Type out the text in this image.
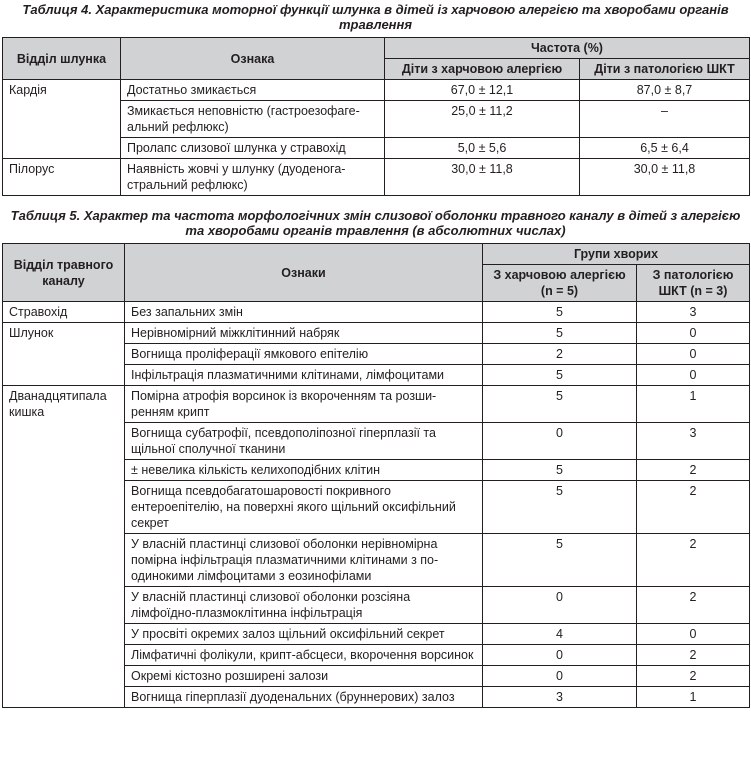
Таблиця 4. Характеристика моторної функції шлунка в дітей із харчовою алергією та хворобами органів травлення
Відділ шлунка	Ознака	Частота (%)	
		Діти з харчовою алергією	Діти з патологією ШКТ
Кардія	Достатньо змикається	67,0 ± 12,1	87,0 ± 8,7
	Змикається неповністю (гастроезофаге-альний рефлюкс)	25,0 ± 11,2	–
	Пролапс слизової шлунка у стравохід	5,0 ± 5,6	6,5 ± 6,4
Пілорус	Наявність жовчі у шлунку (дуоденога-стральний рефлюкс)	30,0 ± 11,8	30,0 ± 11,8
Таблиця 5. Характер та частота морфологічних змін слизової оболонки травного каналу в дітей з алергією та хворобами органів травлення (в абсолютних числах)
Відділ травного каналу	Ознаки	Групи хворих	
		З харчовою алергією (n = 5)	З патологією ШКТ (n = 3)
Стравохід	Без запальних змін	5	3
Шлунок	Нерівномірний міжклітинний набряк	5	0
	Вогнища проліферації ямкового епітелію	2	0
	Інфільтрація плазматичними клітинами, лімфоцитами	5	0
Дванадцятипала кишка	Помірна атрофія ворсинок із вкороченням та розши-ренням крипт	5	1
	Вогнища субатрофії, псевдополіпозної гіперплазії та щільної сполучної тканини	0	3
	± невелика кількість келихоподібних клітин	5	2
	Вогнища псевдобагатошаровості покривного ентероепітелію, на поверхні якого щільний оксифільний секрет	5	2
	У власній пластинці слизової оболонки нерівномірна помірна інфільтрація плазматичними клітинами з по-одинокими лімфоцитами з еозинофілами	5	2
	У власній пластинці слизової оболонки розсіяна лімфоїдно-плазмоклітинна інфільтрація	0	2
	У просвіті окремих залоз щільний оксифільний секрет	4	0
	Лімфатичні фолікули, крипт-абсцеси, вкорочення ворсинок	0	2
	Окремі кістозно розширені залози	0	2
	Вогнища гіперплазії дуоденальних (бруннерових) залоз	3	1
